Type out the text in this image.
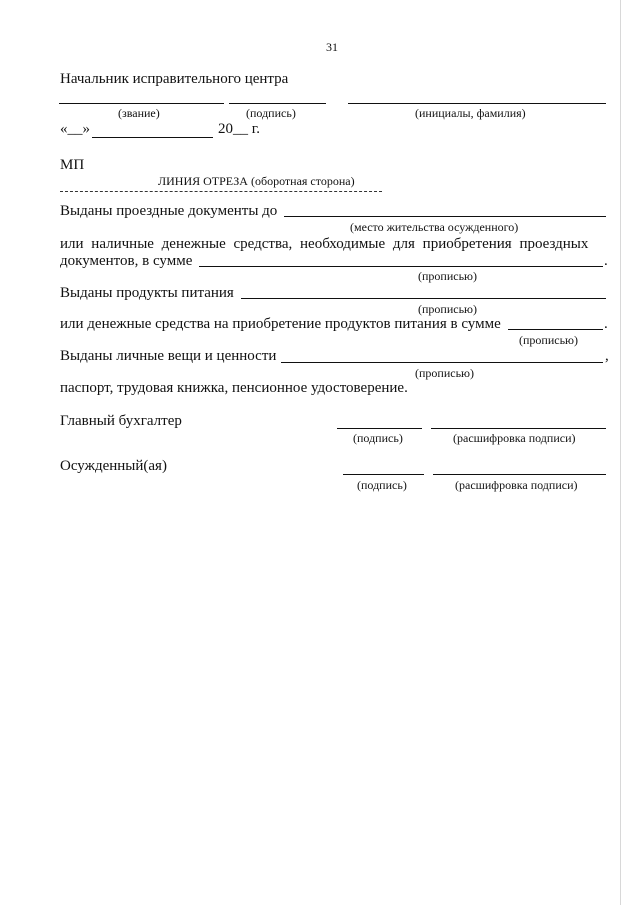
31
Начальник исправительного центра
(звание)	(подпись)	(инициалы, фамилия)
«__»	20__ г.
МП
ЛИНИЯ ОТРЕЗА (оборотная сторона)
Выданы проездные документы до
(место жительства осужденного)
или наличные денежные средства, необходимые для приобретения проездных
документов, в сумме	.
(прописью)
Выданы продукты питания
(прописью)
или денежные средства на приобретение продуктов питания в сумме	.
(прописью)
Выданы личные вещи и ценности	,
(прописью)
паспорт, трудовая книжка, пенсионное удостоверение.
Главный бухгалтер
(подпись)	(расшифровка подписи)
Осужденный(ая)
(подпись)	(расшифровка подписи)
